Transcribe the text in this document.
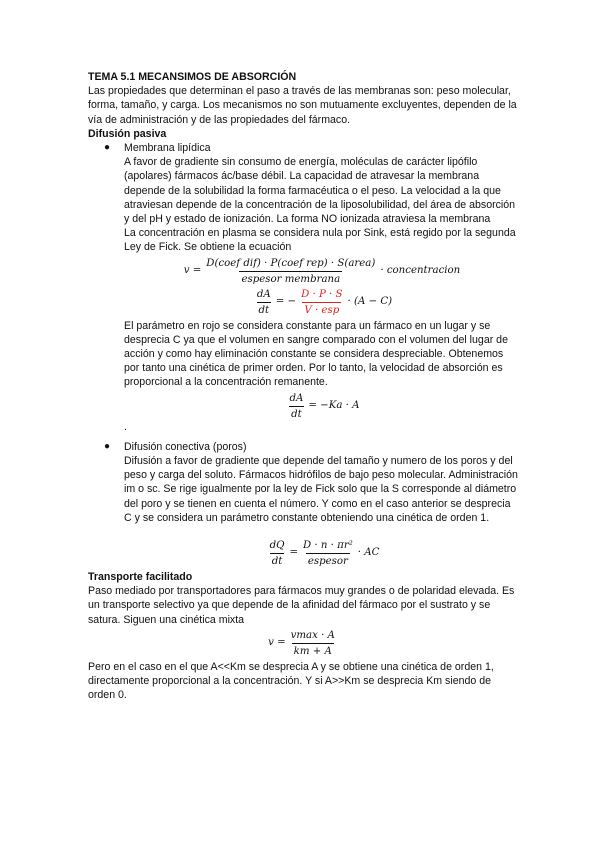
TEMA 5.1 MECANSIMOS DE ABSORCIÓN

Las propiedades que determinan el paso a través de las membranas son: peso molecular, forma, tamaño, y carga. Los mecanismos no son mutuamente excluyentes, dependen de la vía de administración y de las propiedades del fármaco.

Difusión pasiva

● Membrana lipídica

A favor de gradiente sin consumo de energía, moléculas de carácter lipófilo (apolares) fármacos ác/base débil. La capacidad de atravesar la membrana depende de la solubilidad la forma farmacéutica o el peso. La velocidad a la que atraviesan depende de la concentración de la liposolubilidad, del área de absorción y del pH y estado de ionización. La forma NO ionizada atraviesa la membrana

La concentración en plasma se considera nula por Sink, está regido por la segunda Ley de Fick. Se obtiene la ecuación

$v = \frac{\text{D(coef dif) · P(coef rep) · S(area)}}{\text{espesor membrana}}$ · concentracion
$\frac{dA}{dt}$ = − $\frac{D \cdot P \cdot S}{\text{V · esp}} \cdot (A - C)$

El parámetro en rojo se considera constante para un fármaco en un lugar y se desprecia C ya que el volumen en sangre comparado con el volumen del lugar de acción y como hay eliminación constante se considera despreciable. Obtenemos por tanto una cinética de primer orden. Por lo tanto, la velocidad de absorción es proporcional a la concentración remanente.

$\frac{dA}{dt} = -Ka \cdot A$

.

● Difusión conectiva (poros)

Difusión a favor de gradiente que depende del tamaño y numero de los poros y del peso y carga del soluto. Fármacos hidrófilos de bajo peso molecular. Administración im o sc. Se rige igualmente por la ley de Fick solo que la S corresponde al diámetro del poro y se tienen en cuenta el número. Y como en el caso anterior se desprecia C y se considera un parámetro constante obteniendo una cinética de orden 1.

$\frac{dQ}{dt} = \frac{\text{D · n · πr²}}{\text{espesor}}$ · AC

Transporte facilitado

Paso mediado por transportadores para fármacos muy grandes o de polaridad elevada. Es un transporte selectivo ya que depende de la afinidad del fármaco por el sustrato y se satura. Siguen una cinética mixta

$v = \frac{vmax \cdot A}{km + A}$

Pero en el caso en el que A<<Km se desprecia A y se obtiene una cinética de orden 1, directamente proporcional a la concentración. Y si A>>Km se desprecia Km siendo de orden 0.
